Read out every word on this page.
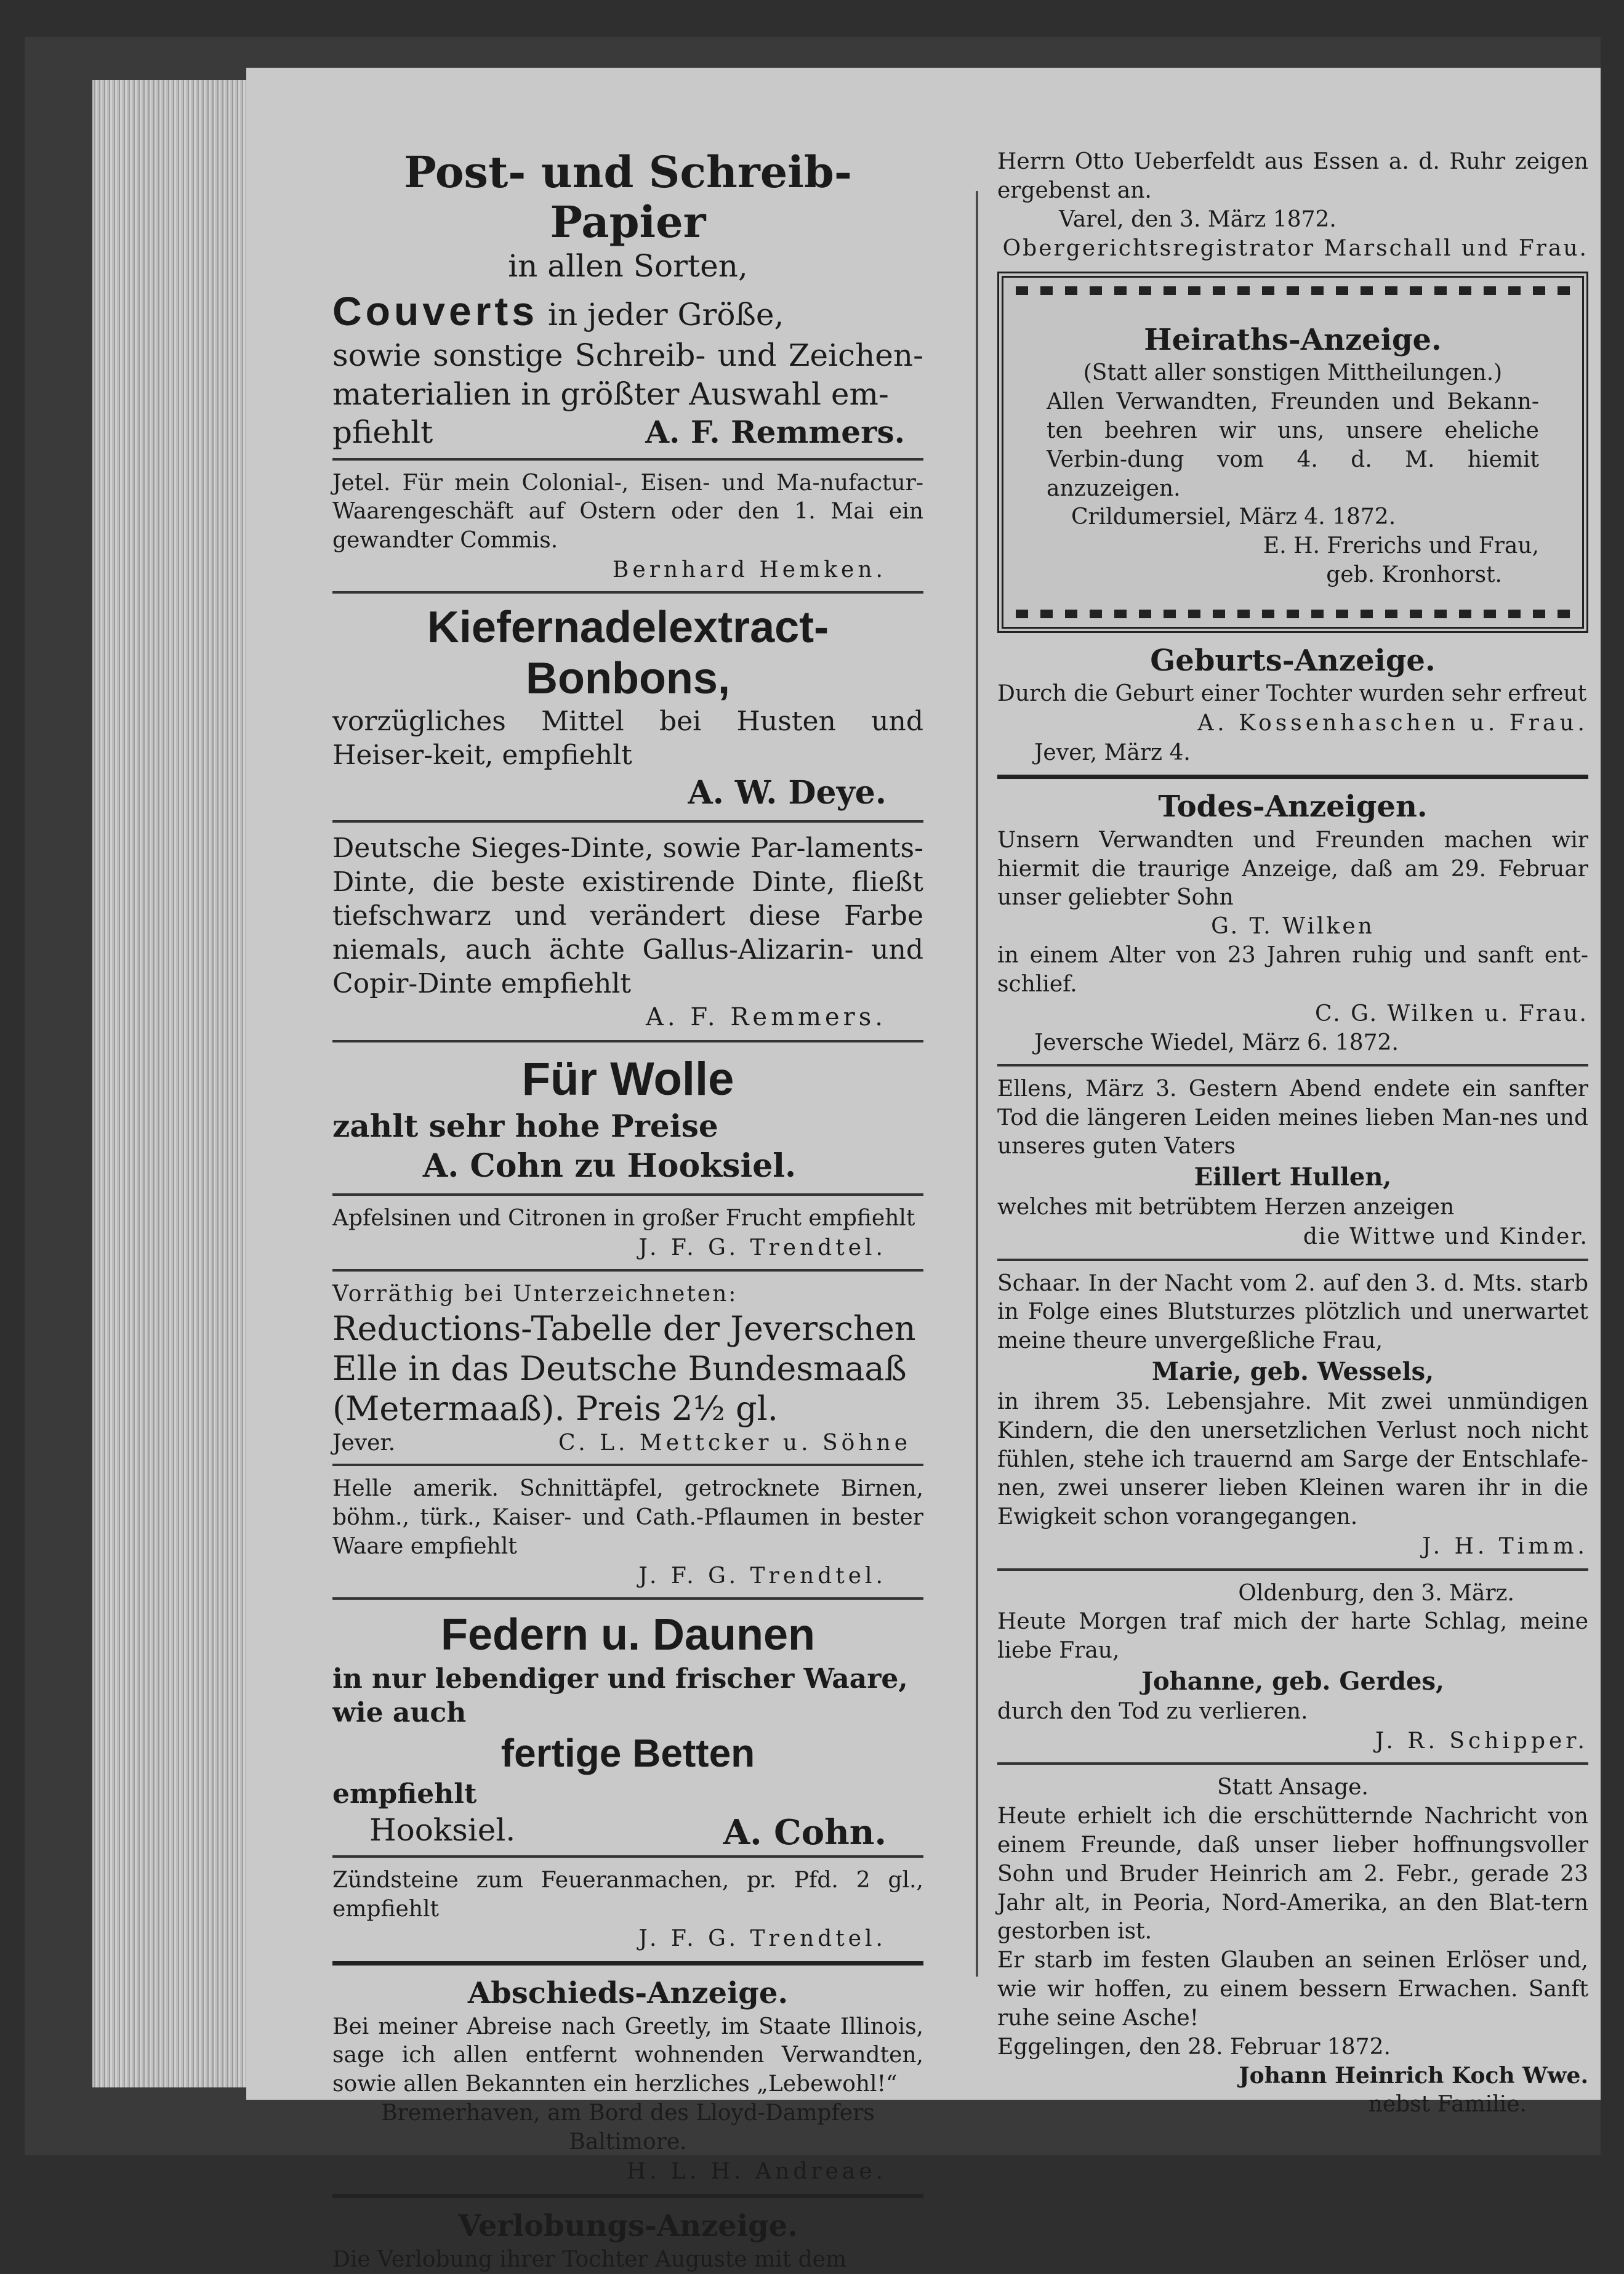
Post- und Schreib-Papier
in allen Sorten,
Couverts in jeder Größe,
sowie sonstige Schreib- und Zeichen-materialien in größter Auswahl em-
pfiehlt	A. F. Remmers.
Jetel. Für mein Colonial-, Eisen- und Ma-nufactur-Waarengeschäft auf Ostern oder den 1. Mai ein gewandter Commis.
Bernhard Hemken.
Kiefernadelextract-Bonbons,
vorzügliches Mittel bei Husten und Heiser-keit, empfiehlt
A. W. Deye.
Deutsche Sieges-Dinte, sowie Par-laments-Dinte, die beste existirende Dinte, fließt tiefschwarz und verändert diese Farbe niemals, auch ächte Gallus-Alizarin- und Copir-Dinte empfiehlt
A. F. Remmers.
Für Wolle
zahlt sehr hohe Preise
A. Cohn zu Hooksiel.
Apfelsinen und Citronen in großer Frucht empfiehlt
J. F. G. Trendtel.
Vorräthig bei Unterzeichneten:
Reductions-Tabelle der Jeverschen Elle in das Deutsche Bundesmaaß (Metermaaß). Preis 2½ gl.
Jever.	C. L. Mettcker u. Söhne
Helle amerik. Schnittäpfel, getrocknete Birnen, böhm., türk., Kaiser- und Cath.-Pflaumen in bester Waare empfiehlt
J. F. G. Trendtel.
Federn u. Daunen
in nur lebendiger und frischer Waare, wie auch
fertige Betten
empfiehlt
Hooksiel.	A. Cohn.
Zündsteine zum Feueranmachen, pr. Pfd. 2 gl., empfiehlt
J. F. G. Trendtel.
Abschieds-Anzeige.
Bei meiner Abreise nach Greetly, im Staate Illinois, sage ich allen entfernt wohnenden Verwandten, sowie allen Bekannten ein herzliches „Lebewohl!“
Bremerhaven, am Bord des Lloyd-Dampfers Baltimore.
H. L. H. Andreae.
Verlobungs-Anzeige.
Die Verlobung ihrer Tochter Auguste mit dem
Herrn Otto Ueberfeldt aus Essen a. d. Ruhr zeigen ergebenst an.
Varel, den 3. März 1872.
Obergerichtsregistrator Marschall und Frau.
Heiraths-Anzeige.
(Statt aller sonstigen Mittheilungen.)
Allen Verwandten, Freunden und Bekann-ten beehren wir uns, unsere eheliche Verbin-dung vom 4. d. M. hiemit anzuzeigen.
Crildumersiel, März 4. 1872.
E. H. Frerichs und Frau,
geb. Kronhorst.
Geburts-Anzeige.
Durch die Geburt einer Tochter wurden sehr erfreut
A. Kossenhaschen u. Frau.
Jever, März 4.
Todes-Anzeigen.
Unsern Verwandten und Freunden machen wir hiermit die traurige Anzeige, daß am 29. Februar unser geliebter Sohn
G. T. Wilken
in einem Alter von 23 Jahren ruhig und sanft ent-schlief.
C. G. Wilken u. Frau.
Jeversche Wiedel, März 6. 1872.
Ellens, März 3. Gestern Abend endete ein sanfter Tod die längeren Leiden meines lieben Man-nes und unseres guten Vaters
Eillert Hullen,
welches mit betrübtem Herzen anzeigen
die Wittwe und Kinder.
Schaar. In der Nacht vom 2. auf den 3. d. Mts. starb in Folge eines Blutsturzes plötzlich und unerwartet meine theure unvergeßliche Frau,
Marie, geb. Wessels,
in ihrem 35. Lebensjahre. Mit zwei unmündigen Kindern, die den unersetzlichen Verlust noch nicht fühlen, stehe ich trauernd am Sarge der Entschlafe-nen, zwei unserer lieben Kleinen waren ihr in die Ewigkeit schon vorangegangen.
J. H. Timm.
Oldenburg, den 3. März.
Heute Morgen traf mich der harte Schlag, meine liebe Frau,
Johanne, geb. Gerdes,
durch den Tod zu verlieren.
J. R. Schipper.
Statt Ansage.
Heute erhielt ich die erschütternde Nachricht von einem Freunde, daß unser lieber hoffnungsvoller Sohn und Bruder Heinrich am 2. Febr., gerade 23 Jahr alt, in Peoria, Nord-Amerika, an den Blat-tern gestorben ist.
Er starb im festen Glauben an seinen Erlöser und, wie wir hoffen, zu einem bessern Erwachen. Sanft ruhe seine Asche!
Eggelingen, den 28. Februar 1872.
Johann Heinrich Koch Wwe.
nebst Familie.
